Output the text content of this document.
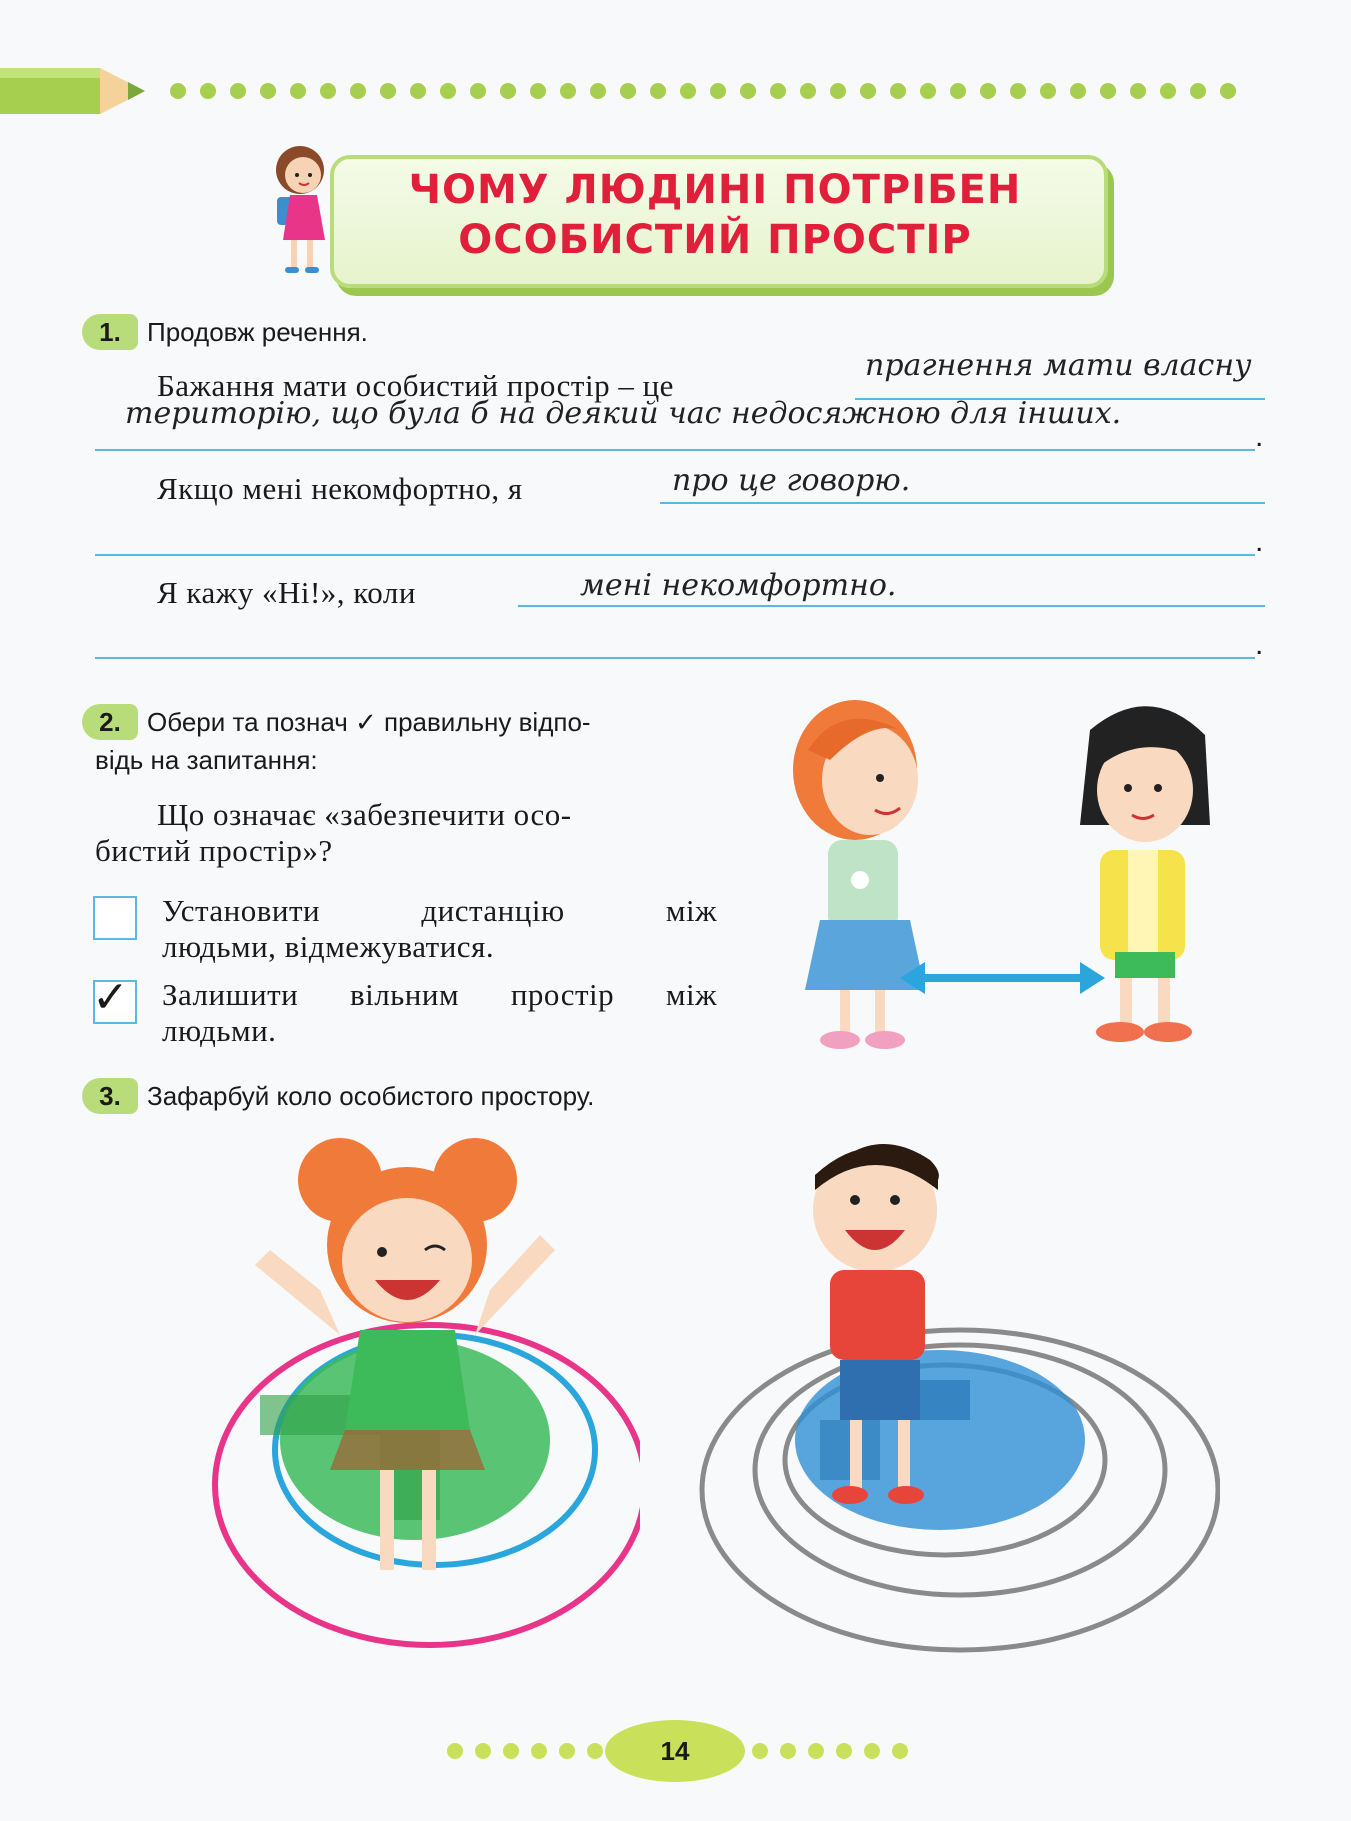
ЧОМУ ЛЮДИНІ ПОТРІБЕН
ОСОБИСТИЙ ПРОСТІР
1.	Продовж речення.
Бажання мати особистий простір – це
прагнення мати власну
територію, що була б на деякий час недосяжною для інших.
.
Якщо мені некомфортно, я	про це говорю.
.
Я кажу «Ні!», коли	мені некомфортно.
.
2.	Обери та познач ✓ правильну відпо-
відь на запитання:
Що означає «забезпечити осо-
бистий простір»?
Установити дистанцію між
людьми, відмежуватися.
✓ Залишити вільним простір між
людьми.
3.	Зафарбуй коло особистого простору.
14
